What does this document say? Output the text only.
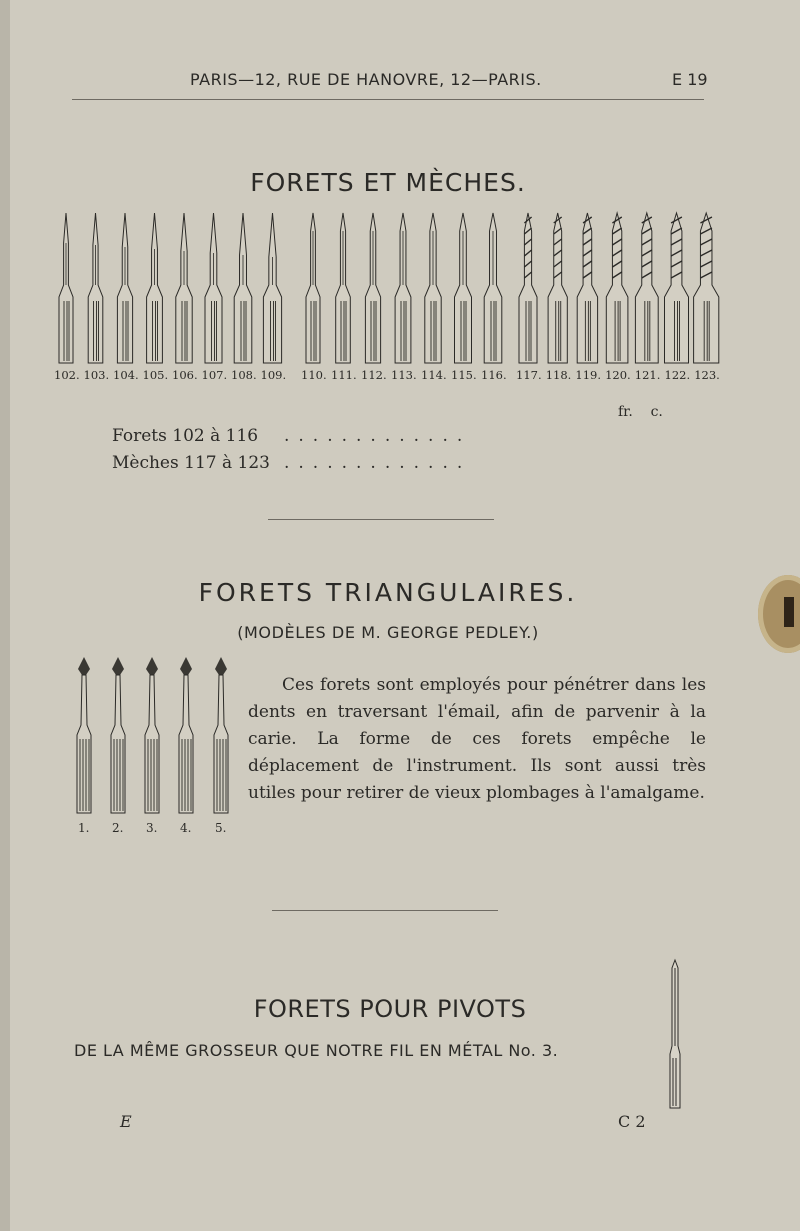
PARIS—12, RUE DE HANOVRE, 12—PARIS.	E 19
FORETS ET MÈCHES.
102. 103. 104. 105. 106. 107. 108. 109. 110. 111. 112. 113. 114. 115. 116. 117. 118. 119. 120. 121. 122. 123.
fr.    c.
Forets 102 à 116 .............
Mèches 117 à 123 .............
FORETS TRIANGULAIRES.
(MODÈLES DE M. GEORGE PEDLEY.)
1. 2. 3. 4. 5.
Ces forets sont employés pour pénétrer dans les dents en traversant l'émail, afin de parvenir à la carie. La forme de ces forets empêche le déplacement de l'instrument. Ils sont aussi très utiles pour retirer de vieux plombages à l'amalgame.
FORETS POUR PIVOTS
DE LA MÊME GROSSEUR QUE NOTRE FIL EN MÉTAL No. 3.
E	C 2
